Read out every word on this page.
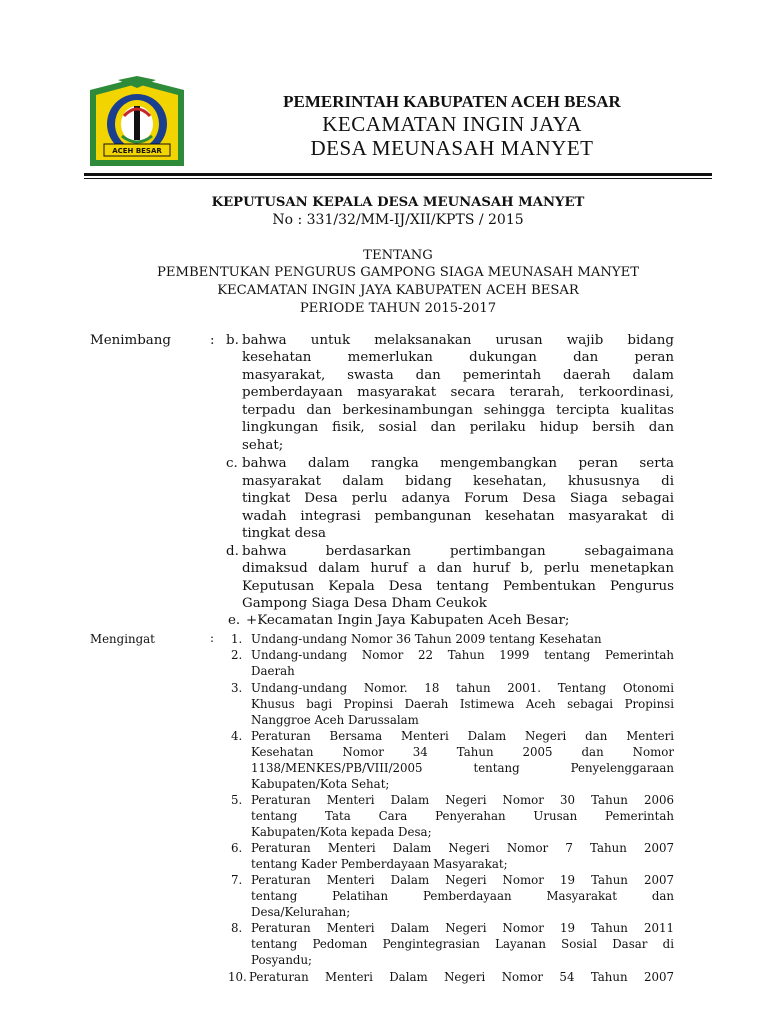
ACEH BESAR
PEMERINTAH KABUPATEN ACEH BESAR
KECAMATAN INGIN JAYA
DESA MEUNASAH MANYET
KEPUTUSAN KEPALA DESA MEUNASAH MANYET
No : 331/32/MM-IJ/XII/KPTS / 2015
TENTANG
PEMBENTUKAN PENGURUS GAMPONG SIAGA MEUNASAH MANYET
KECAMATAN INGIN JAYA KABUPATEN ACEH BESAR
PERIODE TAHUN 2015-2017
Menimbang	: b. bahwa untuk melaksanakan urusan wajib bidang
kesehatan memerlukan dukungan dan peran
masyarakat, swasta dan pemerintah daerah dalam
pemberdayaan masyarakat secara terarah, terkoordinasi,
terpadu dan berkesinambungan sehingga tercipta kualitas
lingkungan fisik, sosial dan perilaku hidup bersih dan
sehat;
c. bahwa dalam rangka mengembangkan peran serta
masyarakat dalam bidang kesehatan, khususnya di
tingkat Desa perlu adanya Forum Desa Siaga sebagai
wadah integrasi pembangunan kesehatan masyarakat di
tingkat desa
d. bahwa berdasarkan pertimbangan sebagaimana
dimaksud dalam huruf a dan huruf b, perlu menetapkan
Keputusan Kepala Desa tentang Pembentukan Pengurus
Gampong Siaga Desa Dham Ceukok
e. +Kecamatan Ingin Jaya Kabupaten Aceh Besar;
Mengingat	: 1. Undang-undang Nomor 36 Tahun 2009 tentang Kesehatan
2. Undang-undang Nomor 22 Tahun 1999 tentang Pemerintah
Daerah
3. Undang-undang Nomor. 18 tahun 2001. Tentang Otonomi
Khusus bagi Propinsi Daerah Istimewa Aceh sebagai Propinsi
Nanggroe Aceh Darussalam
4. Peraturan Bersama Menteri Dalam Negeri dan Menteri
Kesehatan Nomor 34 Tahun 2005 dan Nomor
1138/MENKES/PB/VIII/2005 tentang Penyelenggaraan
Kabupaten/Kota Sehat;
5. Peraturan Menteri Dalam Negeri Nomor 30 Tahun 2006
tentang Tata Cara Penyerahan Urusan Pemerintah
Kabupaten/Kota kepada Desa;
6. Peraturan Menteri Dalam Negeri Nomor 7 Tahun 2007
tentang Kader Pemberdayaan Masyarakat;
7. Peraturan Menteri Dalam Negeri Nomor 19 Tahun 2007
tentang Pelatihan Pemberdayaan Masyarakat dan
Desa/Kelurahan;
8. Peraturan Menteri Dalam Negeri Nomor 19 Tahun 2011
tentang Pedoman Pengintegrasian Layanan Sosial Dasar di
Posyandu;
10. Peraturan Menteri Dalam Negeri Nomor 54 Tahun 2007
